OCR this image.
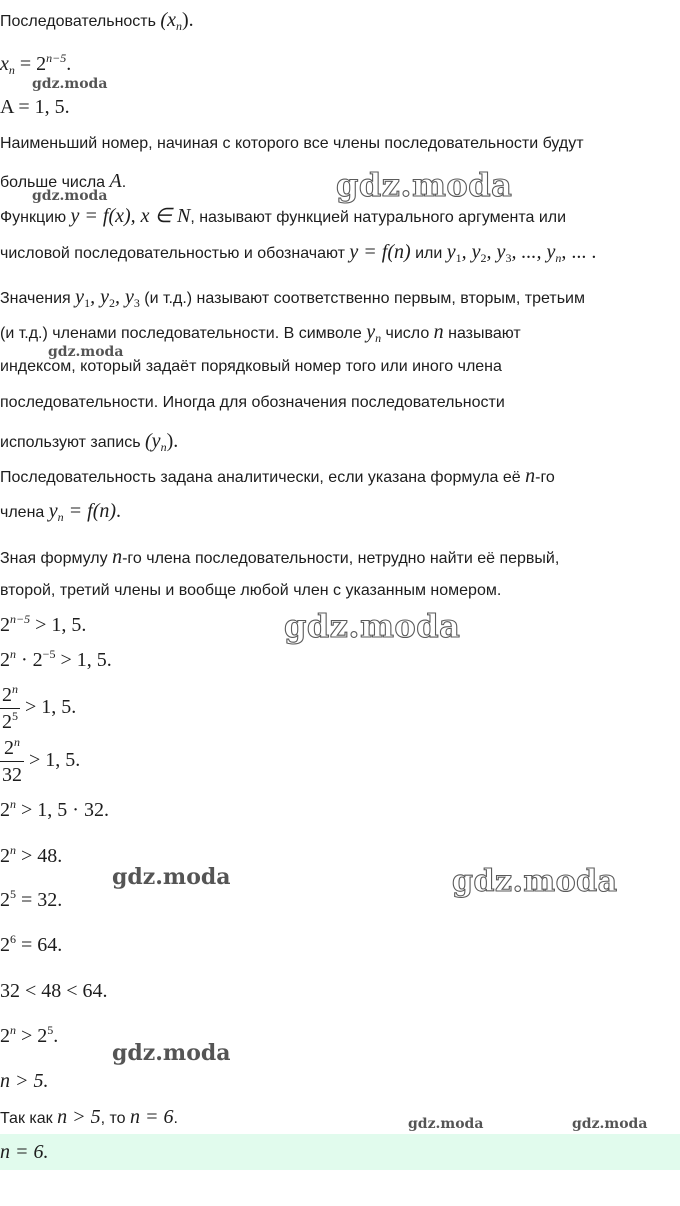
Последовательность $(x_n)$.
$x_n = 2^{n-5}$.
A = 1, 5.
Наименьший номер, начиная с которого все члены последовательности будут
больше числа A.
Функцию y = f(x), x ∈ N, называют функцией натурального аргумента или
числовой последовательностью и обозначают y = f(n) или $y_1$, $y_2$, $y_3$, ..., $y_n$, ... .
Значения $y_1$, $y_2$, $y_3$ (и т.д.) называют соответственно первым, вторым, третьим
(и т.д.) членами последовательности. В символе $y_n$ число n называют
индексом, который задаёт порядковый номер того или иного члена
последовательности. Иногда для обозначения последовательности
используют запись $(y_n)$.
Последовательность задана аналитически, если указана формула её n-го
члена $y_n = f(n)$.
Зная формулу n-го члена последовательности, нетрудно найти её первый,
второй, третий члены и вообще любой член с указанным номером.
$2^{n-5} > 1$, 5.
$2^n \cdot 2^{-5} > 1$, 5.
$\frac{2^n}{2^5} > 1$, 5.
$\frac{2^n}{32} > 1$, 5.
$2^n > 1$, 5 · 32.
$2^n > 48$.
$2^5 = 32$.
$2^6 = 64$.
32 < 48 < 64.
$2^n > 2^5$.
n > 5.
Так как n > 5, то n = 6.
n = 6.
gdz.moda
gdz.moda
gdz.moda
gdz.moda
gdz.moda
gdz.moda
gdz.moda
gdz.moda
gdz.moda	gdz.moda
